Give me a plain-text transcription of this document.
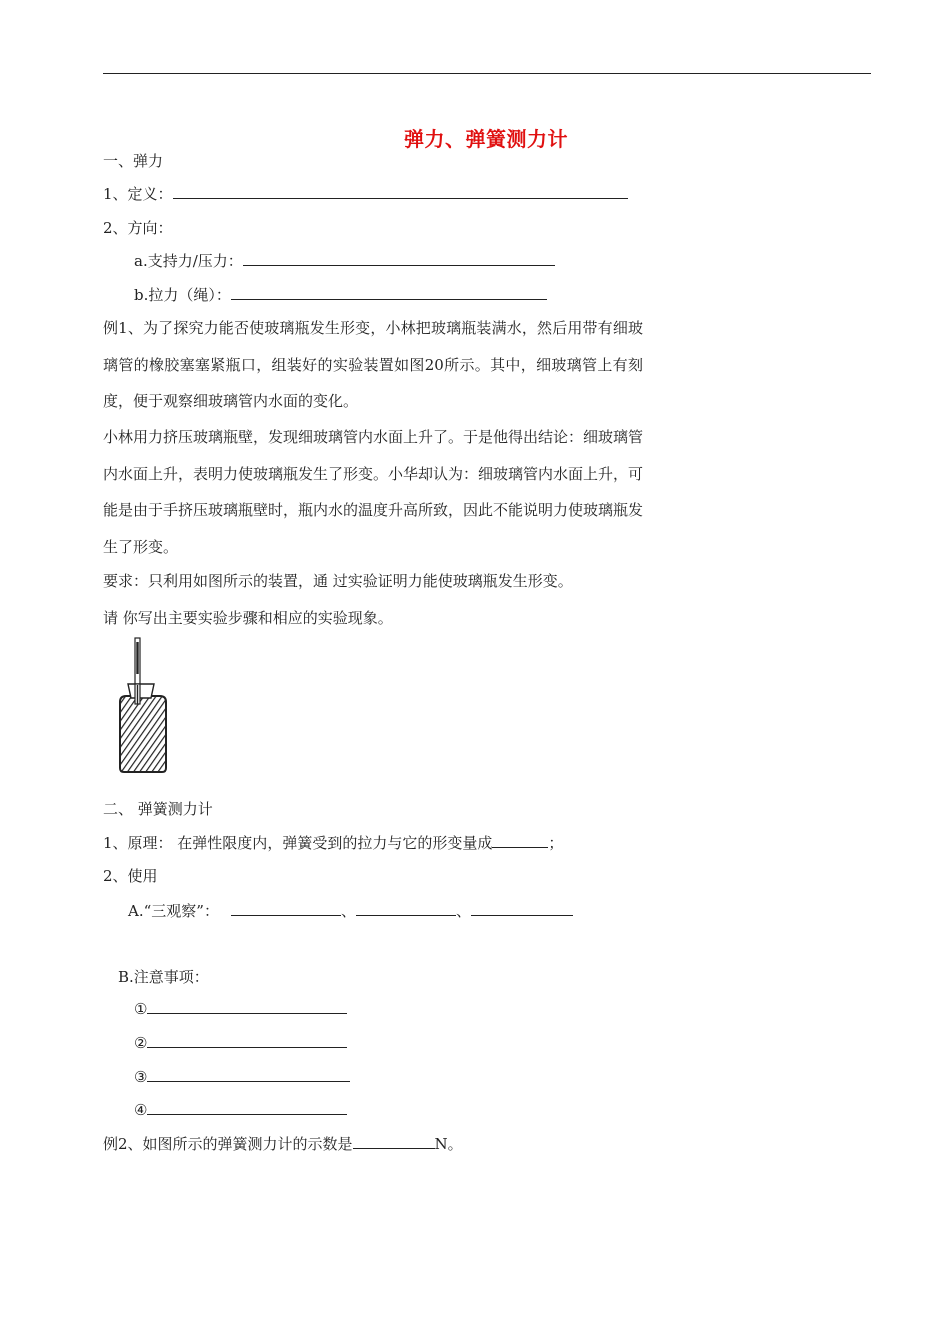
弹力、弹簧测力计
一、弹力
1、定义：
2、方向：
a.支持力/压力：
b.拉力（绳）：
例1、为了探究力能否使玻璃瓶发生形变，小林把玻璃瓶装满水，然后用带有细玻璃管的橡胶塞塞紧瓶口，组装好的实验装置如图20所示。其中，细玻璃管上有刻度，便于观察细玻璃管内水面的变化。
小林用力挤压玻璃瓶壁，发现细玻璃管内水面上升了。于是他得出结论：细玻璃管内水面上升，表明力使玻璃瓶发生了形变。小华却认为：细玻璃管内水面上升，可能是由于手挤压玻璃瓶壁时，瓶内水的温度升高所致，因此不能说明力使玻璃瓶发生了形变。
要求：只利用如图所示的装置，通 过实验证明力能使玻璃瓶发生形变。
请 你写出主要实验步骤和相应的实验现象。
二、 弹簧测力计
1、原理： 在弹性限度内，弹簧受到的拉力与它的形变量成	；
2、使用
A.“三观察”：	、	、
B.注意事项：
①
②
③
④
例2、如图所示的弹簧测力计的示数是	N。
